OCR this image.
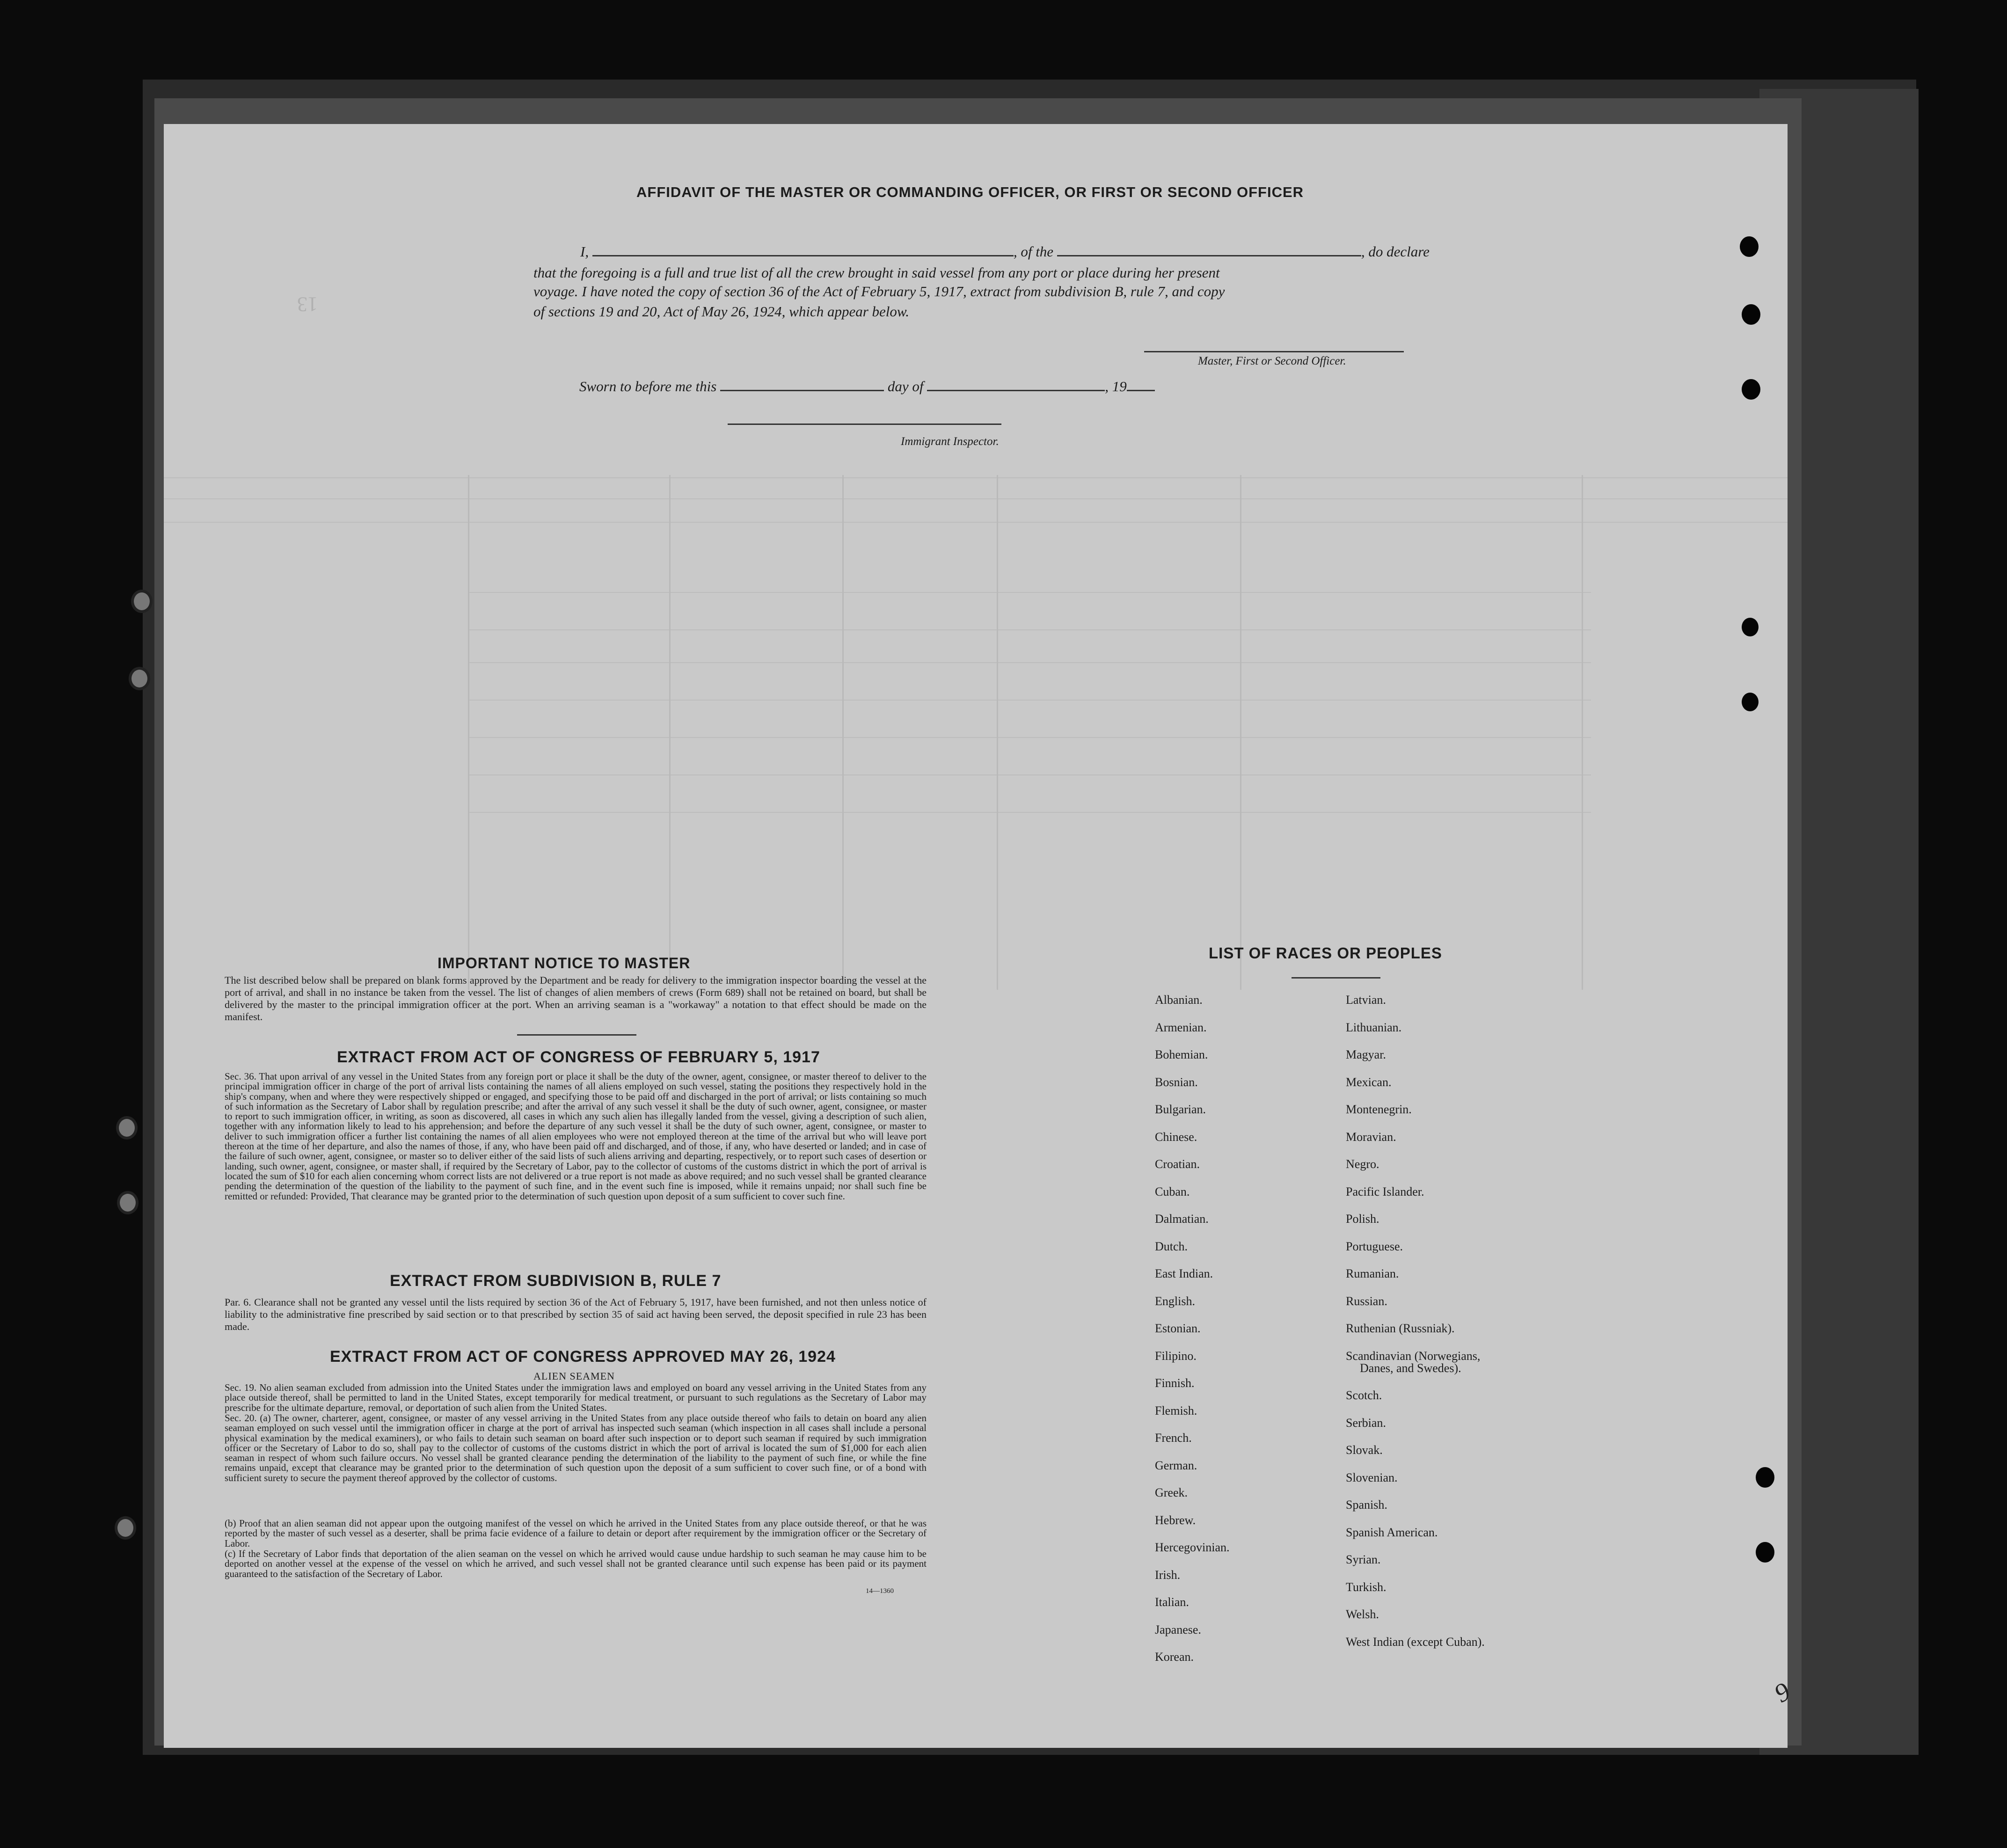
AFFIDAVIT OF THE MASTER OR COMMANDING OFFICER, OR FIRST OR SECOND OFFICER
I,	, of the	, do declare
that the foregoing is a full and true list of all the crew brought in said vessel from any port or place during her present
voyage. I have noted the copy of section 36 of the Act of February 5, 1917, extract from subdivision B, rule 7, and copy
of sections 19 and 20, Act of May 26, 1924, which appear below.
Master, First or Second Officer.
Sworn to before me this	day of	, 19
Immigrant Inspector.
IMPORTANT NOTICE TO MASTER
The list described below shall be prepared on blank forms approved by the Department and be ready for delivery to the immigration inspector boarding the vessel at the port of arrival, and shall in no instance be taken from the vessel. The list of changes of alien members of crews (Form 689) shall not be retained on board, but shall be delivered by the master to the principal immigration officer at the port. When an arriving seaman is a "workaway" a notation to that effect should be made on the manifest.
EXTRACT FROM ACT OF CONGRESS OF FEBRUARY 5, 1917
Sec. 36. That upon arrival of any vessel in the United States from any foreign port or place it shall be the duty of the owner, agent, consignee, or master thereof to deliver to the principal immigration officer in charge of the port of arrival lists containing the names of all aliens employed on such vessel, stating the positions they respectively hold in the ship's company, when and where they were respectively shipped or engaged, and specifying those to be paid off and discharged in the port of arrival; or lists containing so much of such information as the Secretary of Labor shall by regulation prescribe; and after the arrival of any such vessel it shall be the duty of such owner, agent, consignee, or master to report to such immigration officer, in writing, as soon as discovered, all cases in which any such alien has illegally landed from the vessel, giving a description of such alien, together with any information likely to lead to his apprehension; and before the departure of any such vessel it shall be the duty of such owner, agent, consignee, or master to deliver to such immigration officer a further list containing the names of all alien employees who were not employed thereon at the time of the arrival but who will leave port thereon at the time of her departure, and also the names of those, if any, who have been paid off and discharged, and of those, if any, who have deserted or landed; and in case of the failure of such owner, agent, consignee, or master so to deliver either of the said lists of such aliens arriving and departing, respectively, or to report such cases of desertion or landing, such owner, agent, consignee, or master shall, if required by the Secretary of Labor, pay to the collector of customs of the customs district in which the port of arrival is located the sum of $10 for each alien concerning whom correct lists are not delivered or a true report is not made as above required; and no such vessel shall be granted clearance pending the determination of the question of the liability to the payment of such fine, and in the event such fine is imposed, while it remains unpaid; nor shall such fine be remitted or refunded: Provided, That clearance may be granted prior to the determination of such question upon deposit of a sum sufficient to cover such fine.
EXTRACT FROM SUBDIVISION B, RULE 7
Par. 6. Clearance shall not be granted any vessel until the lists required by section 36 of the Act of February 5, 1917, have been furnished, and not then unless notice of liability to the administrative fine prescribed by said section or to that prescribed by section 35 of said act having been served, the deposit specified in rule 23 has been made.
EXTRACT FROM ACT OF CONGRESS APPROVED MAY 26, 1924
ALIEN SEAMEN
Sec. 19. No alien seaman excluded from admission into the United States under the immigration laws and employed on board any vessel arriving in the United States from any place outside thereof, shall be permitted to land in the United States, except temporarily for medical treatment, or pursuant to such regulations as the Secretary of Labor may prescribe for the ultimate departure, removal, or deportation of such alien from the United States.
Sec. 20. (a) The owner, charterer, agent, consignee, or master of any vessel arriving in the United States from any place outside thereof who fails to detain on board any alien seaman employed on such vessel until the immigration officer in charge at the port of arrival has inspected such seaman (which inspection in all cases shall include a personal physical examination by the medical examiners), or who fails to detain such seaman on board after such inspection or to deport such seaman if required by such immigration officer or the Secretary of Labor to do so, shall pay to the collector of customs of the customs district in which the port of arrival is located the sum of $1,000 for each alien seaman in respect of whom such failure occurs. No vessel shall be granted clearance pending the determination of the liability to the payment of such fine, or while the fine remains unpaid, except that clearance may be granted prior to the determination of such question upon the deposit of a sum sufficient to cover such fine, or of a bond with sufficient surety to secure the payment thereof approved by the collector of customs.
(b) Proof that an alien seaman did not appear upon the outgoing manifest of the vessel on which he arrived in the United States from any place outside thereof, or that he was reported by the master of such vessel as a deserter, shall be prima facie evidence of a failure to detain or deport after requirement by the immigration officer or the Secretary of Labor.
(c) If the Secretary of Labor finds that deportation of the alien seaman on the vessel on which he arrived would cause undue hardship to such seaman he may cause him to be deported on another vessel at the expense of the vessel on which he arrived, and such vessel shall not be granted clearance until such expense has been paid or its payment guaranteed to the satisfaction of the Secretary of Labor.
14—1360
LIST OF RACES OR PEOPLES
Albanian.
Armenian.
Bohemian.
Bosnian.
Bulgarian.
Chinese.
Croatian.
Cuban.
Dalmatian.
Dutch.
East Indian.
English.
Estonian.
Filipino.
Finnish.
Flemish.
French.
German.
Greek.
Hebrew.
Hercegovinian.
Irish.
Italian.
Japanese.
Korean.
Latvian.
Lithuanian.
Magyar.
Mexican.
Montenegrin.
Moravian.
Negro.
Pacific Islander.
Polish.
Portuguese.
Rumanian.
Russian.
Ruthenian (Russniak).
Scandinavian (Norwegians,
Danes, and Swedes).
Scotch.
Serbian.
Slovak.
Slovenian.
Spanish.
Spanish American.
Syrian.
Turkish.
Welsh.
West Indian (except Cuban).
13
9
